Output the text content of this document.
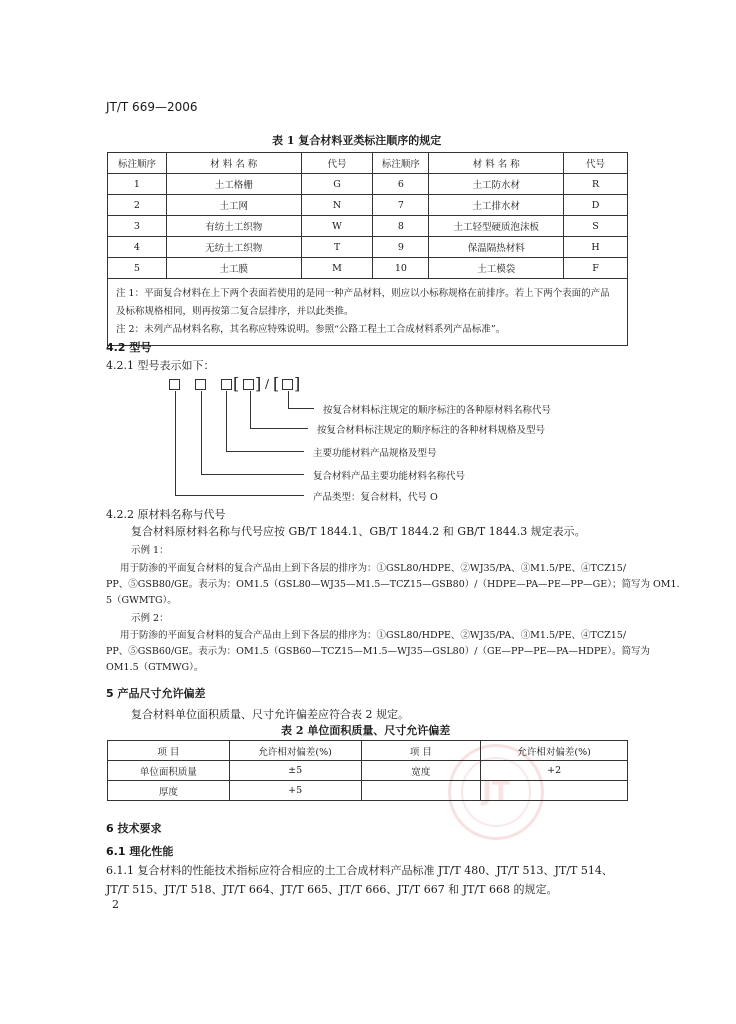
JT/T 669—2006
表 1 复合材料亚类标注顺序的规定
标注顺序	材 料 名 称	代号	标注顺序	材 料 名 称	代号
1	土工格栅	G	6	土工防水材	R
2	土工网	N	7	土工排水材	D
3	有纺土工织物	W	8	土工轻型硬质泡沫板	S
4	无纺土工织物	T	9	保温隔热材料	H
5	土工膜	M	10	土工模袋	F

注 1：平面复合材料在上下两个表面若使用的是同一种产品材料，则应以小标称规格在前排序。若上下两个表面的产品及标称规格相同，则再按第二复合层排序，并以此类推。
注 2：未列产品材料名称，其名称应特殊说明。参照“公路工程土工合成材料系列产品标准”。					
4.2 型号
4.2.1 型号表示如下：
[ ] / [ ]
按复合材料标注规定的顺序标注的各种原材料名称代号
按复合材料标注规定的顺序标注的各种材料规格及型号
主要功能材料产品规格及型号
复合材料产品主要功能材料名称代号
产品类型：复合材料，代号 O
4.2.2 原材料名称与代号
复合材料原材料名称与代号应按 GB/T 1844.1、GB/T 1844.2 和 GB/T 1844.3 规定表示。
示例 1：
用于防渗的平面复合材料的复合产品由上到下各层的排序为：①GSL80/HDPE、②WJ35/PA、③M1.5/PE、④TCZ15/
PP、⑤GSB80/GE。表示为：OM1.5（GSL80—WJ35—M1.5—TCZ15—GSB80）/（HDPE—PA—PE—PP—GE）；简写为 OM1.
5（GWMTG）。
示例 2：
用于防渗的平面复合材料的复合产品由上到下各层的排序为：①GSL80/HDPE、②WJ35/PA、③M1.5/PE、④TCZ15/
PP、⑤GSB60/GE。表示为：OM1.5（GSB60—TCZ15—M1.5—WJ35—GSL80）/（GE—PP—PE—PA—HDPE）。简写为
OM1.5（GTMWG）。
5 产品尺寸允许偏差
复合材料单位面积质量、尺寸允许偏差应符合表 2 规定。
表 2 单位面积质量、尺寸允许偏差
JT
项 目	允许相对偏差(%)	项 目	允许相对偏差(%)
单位面积质量	±5	宽度	+2
厚度	+5		
6 技术要求
6.1 理化性能
6.1.1 复合材料的性能技术指标应符合相应的土工合成材料产品标准 JT/T 480、JT/T 513、JT/T 514、
JT/T 515、JT/T 518、JT/T 664、JT/T 665、JT/T 666、JT/T 667 和 JT/T 668 的规定。
2
